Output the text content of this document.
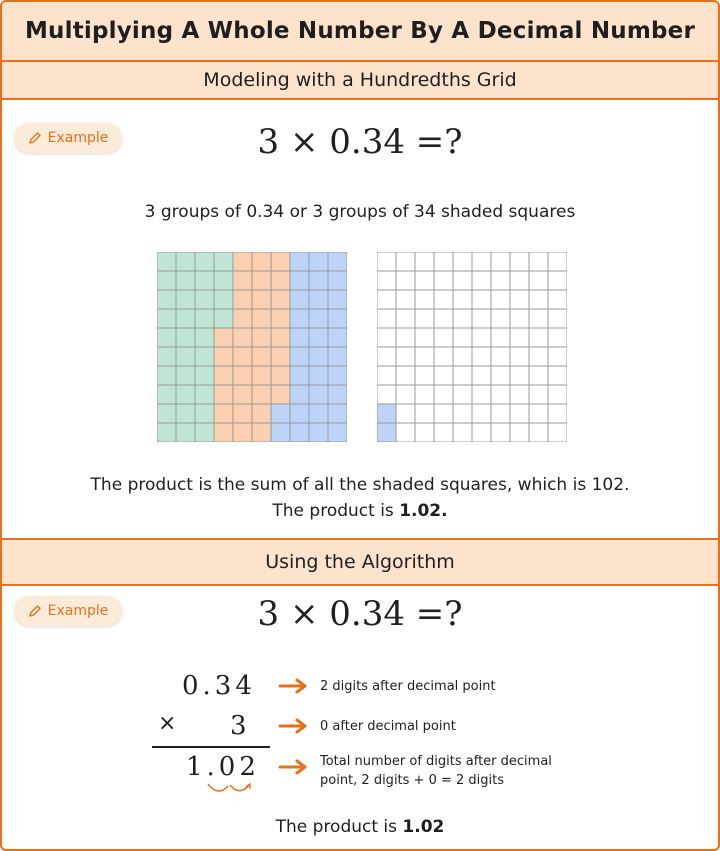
Multiplying A Whole Number By A Decimal Number
Modeling with a Hundredths Grid
Example	3 × 0.34 =?
3 groups of 0.34 or 3 groups of 34 shaded squares
The product is the sum of all the shaded squares, which is 102.
The product is 1.02.
Using the Algorithm
Example	3 × 0.34 =?
0.34
× 3
1.02
2 digits after decimal point
0 after decimal point
Total number of digits after decimal point, 2 digits + 0 = 2 digits
The product is 1.02
